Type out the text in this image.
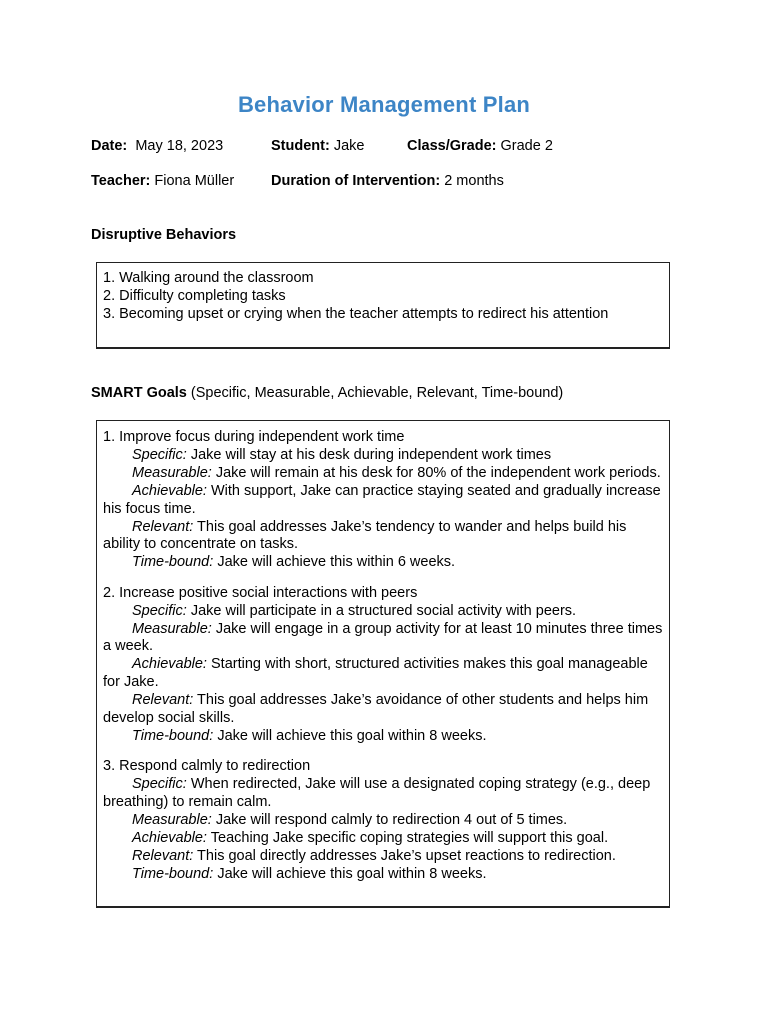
Behavior Management Plan
Date: May 18, 2023	Student: Jake	Class/Grade: Grade 2
Teacher: Fiona Müller	Duration of Intervention: 2 months
Disruptive Behaviors
1. Walking around the classroom
2. Difficulty completing tasks
3. Becoming upset or crying when the teacher attempts to redirect his attention
SMART Goals (Specific, Measurable, Achievable, Relevant, Time-bound)
1. Improve focus during independent work time
Specific: Jake will stay at his desk during independent work times
Measurable: Jake will remain at his desk for 80% of the independent work periods.
Achievable: With support, Jake can practice staying seated and gradually increase his focus time.
Relevant: This goal addresses Jake’s tendency to wander and helps build his ability to concentrate on tasks.
Time-bound: Jake will achieve this within 6 weeks.
2. Increase positive social interactions with peers
Specific: Jake will participate in a structured social activity with peers.
Measurable: Jake will engage in a group activity for at least 10 minutes three times a week.
Achievable: Starting with short, structured activities makes this goal manageable for Jake.
Relevant: This goal addresses Jake’s avoidance of other students and helps him develop social skills.
Time-bound: Jake will achieve this goal within 8 weeks.
3. Respond calmly to redirection
Specific: When redirected, Jake will use a designated coping strategy (e.g., deep breathing) to remain calm.
Measurable: Jake will respond calmly to redirection 4 out of 5 times.
Achievable: Teaching Jake specific coping strategies will support this goal.
Relevant: This goal directly addresses Jake’s upset reactions to redirection.
Time-bound: Jake will achieve this goal within 8 weeks.
